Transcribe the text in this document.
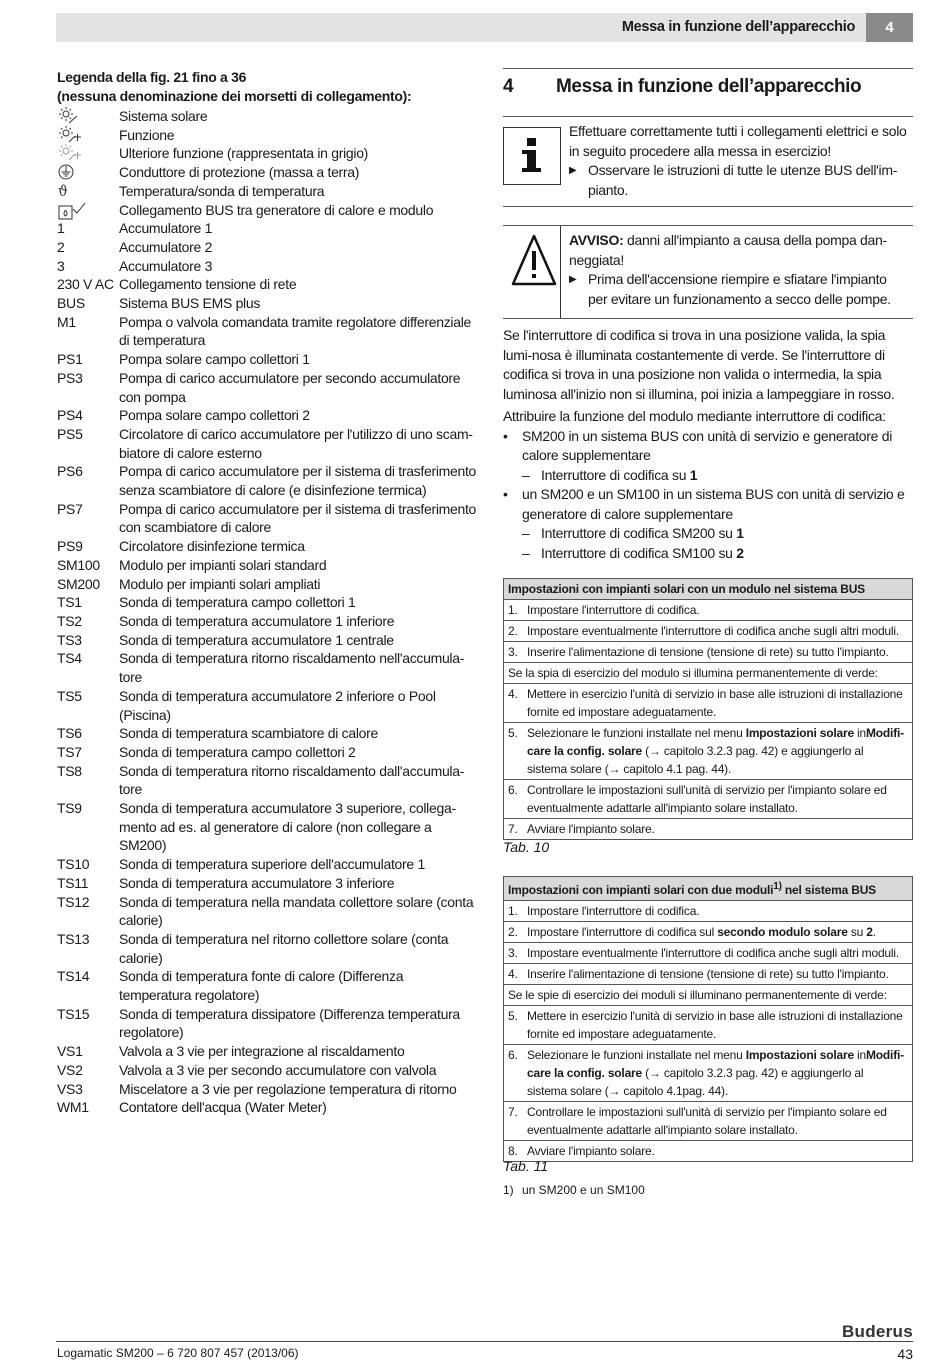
Messa in funzione dell’apparecchio	4
Legenda della fig. 21 fino a 36
(nessuna denominazione dei morsetti di collegamento):
Sistema solare
Funzione
Ulteriore funzione (rappresentata in grigio)
Conduttore di protezione (massa a terra)
ϑ	Temperatura/sonda di temperatura
Collegamento BUS tra generatore di calore e modulo
1	Accumulatore 1
2	Accumulatore 2
3	Accumulatore 3
230 V AC Collegamento tensione di rete
BUS	Sistema BUS EMS plus
M1	Pompa o valvola comandata tramite regolatore differenziale di temperatura
PS1	Pompa solare campo collettori 1
PS3	Pompa di carico accumulatore per secondo accumulatore con pompa
PS4	Pompa solare campo collettori 2
PS5	Circolatore di carico accumulatore per l'utilizzo di uno scam-biatore di calore esterno
PS6	Pompa di carico accumulatore per il sistema di trasferimento senza scambiatore di calore (e disinfezione termica)
PS7	Pompa di carico accumulatore per il sistema di trasferimento con scambiatore di calore
PS9	Circolatore disinfezione termica
SM100	Modulo per impianti solari standard
SM200	Modulo per impianti solari ampliati
TS1	Sonda di temperatura campo collettori 1
TS2	Sonda di temperatura accumulatore 1 inferiore
TS3	Sonda di temperatura accumulatore 1 centrale
TS4	Sonda di temperatura ritorno riscaldamento nell'accumula-tore
TS5	Sonda di temperatura accumulatore 2 inferiore o Pool (Piscina)
TS6	Sonda di temperatura scambiatore di calore
TS7	Sonda di temperatura campo collettori 2
TS8	Sonda di temperatura ritorno riscaldamento dall'accumula-tore
TS9	Sonda di temperatura accumulatore 3 superiore, collega-mento ad es. al generatore di calore (non collegare a SM200)
TS10	Sonda di temperatura superiore dell'accumulatore 1
TS11	Sonda di temperatura accumulatore 3 inferiore
TS12	Sonda di temperatura nella mandata collettore solare (conta calorie)
TS13	Sonda di temperatura nel ritorno collettore solare (conta calorie)
TS14	Sonda di temperatura fonte di calore (Differenza temperatura regolatore)
TS15	Sonda di temperatura dissipatore (Differenza temperatura regolatore)
VS1	Valvola a 3 vie per integrazione al riscaldamento
VS2	Valvola a 3 vie per secondo accumulatore con valvola
VS3	Miscelatore a 3 vie per regolazione temperatura di ritorno
WM1	Contatore dell'acqua (Water Meter)
4 Messa in funzione dell’apparecchio
Effettuare correttamente tutti i collegamenti elettrici e solo in seguito procedere alla messa in esercizio!
▶ Osservare le istruzioni di tutte le utenze BUS dell'im-pianto.
AVVISO: danni all'impianto a causa della pompa dan-neggiata!
▶ Prima dell'accensione riempire e sfiatare l'impianto per evitare un funzionamento a secco delle pompe.
Se l'interruttore di codifica si trova in una posizione valida, la spia lumi-nosa è illuminata costantemente di verde. Se l'interruttore di codifica si trova in una posizione non valida o intermedia, la spia luminosa all'inizio non si illumina, poi inizia a lampeggiare in rosso.
Attribuire la funzione del modulo mediante interruttore di codifica:
•	SM200 in un sistema BUS con unità di servizio e generatore di calore supplementare
– Interruttore di codifica su 1
•	un SM200 e un SM100 in un sistema BUS con unità di servizio e generatore di calore supplementare
– Interruttore di codifica SM200 su 1
– Interruttore di codifica SM100 su 2
Impostazioni con impianti solari con un modulo nel sistema BUS
1. Impostare l'interruttore di codifica.
2. Impostare eventualmente l'interruttore di codifica anche sugli altri moduli.
3. Inserire l'alimentazione di tensione (tensione di rete) su tutto l'impianto.
Se la spia di esercizio del modulo si illumina permanentemente di verde:
4. Mettere in esercizio l'unità di servizio in base alle istruzioni di installazione fornite ed impostare adeguatamente.
5. Selezionare le funzioni installate nel menu Impostazioni solare inModifi-care la config. solare (→ capitolo 3.2.3 pag. 42) e aggiungerlo al sistema solare (→ capitolo 4.1 pag. 44).
6. Controllare le impostazioni sull'unità di servizio per l'impianto solare ed eventualmente adattarle all'impianto solare installato.
7. Avviare l'impianto solare.
Tab. 10
Impostazioni con impianti solari con due moduli$^{1)}$ nel sistema BUS
1. Impostare l'interruttore di codifica.
2. Impostare l'interruttore di codifica sul secondo modulo solare su 2.
3. Impostare eventualmente l'interruttore di codifica anche sugli altri moduli.
4. Inserire l'alimentazione di tensione (tensione di rete) su tutto l'impianto.
Se le spie di esercizio dei moduli si illuminano permanentemente di verde:
5. Mettere in esercizio l'unità di servizio in base alle istruzioni di installazione fornite ed impostare adeguatamente.
6. Selezionare le funzioni installate nel menu Impostazioni solare inModifi-care la config. solare (→ capitolo 3.2.3 pag. 42) e aggiungerlo al sistema solare (→ capitolo 4.1pag. 44).
7. Controllare le impostazioni sull'unità di servizio per l'impianto solare ed eventualmente adattarle all'impianto solare installato.
8. Avviare l'impianto solare.
Tab. 11
1) un SM200 e un SM100
Buderus
Logamatic SM200 – 6 720 807 457 (2013/06)	43
